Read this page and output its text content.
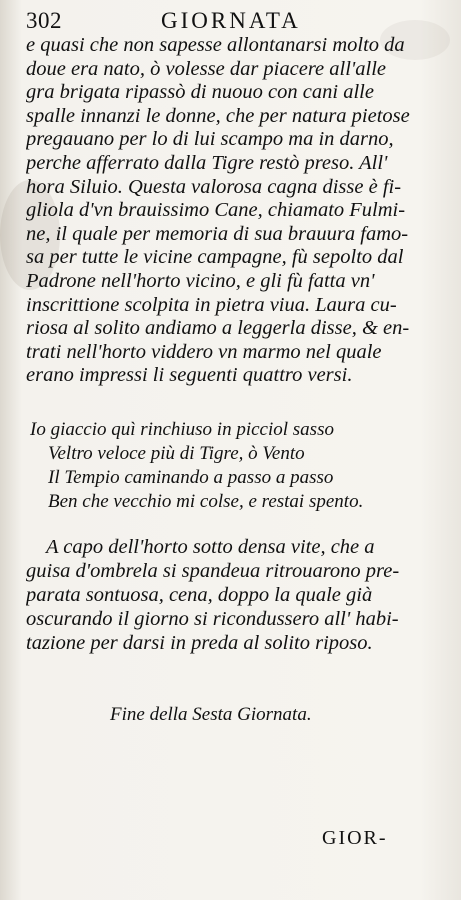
302	GIORNATA
e quasi che non sapesse allontanarsi molto da
doue era nato, ò volesse dar piacere all'alle
gra brigata ripassò di nuouo con cani alle
spalle innanzi le donne, che per natura pietose
pregauano per lo di lui scampo ma in darno,
perche afferrato dalla Tigre restò preso. All'
hora Siluio. Questa valorosa cagna disse è fi-
gliola d'vn brauissimo Cane, chiamato Fulmi-
ne, il quale per memoria di sua brauura famo-
sa per tutte le vicine campagne, fù sepolto dal
Padrone nell'horto vicino, e gli fù fatta vn'
inscrittione scolpita in pietra viua. Laura cu-
riosa al solito andiamo a leggerla disse, & en-
trati nell'horto viddero vn marmo nel quale
erano impressi li seguenti quattro versi.
Io giaccio quì rinchiuso in picciol sasso
Veltro veloce più di Tigre, ò Vento
Il Tempio caminando a passo a passo
Ben che vecchio mi colse, e restai spento.
A capo dell'horto sotto densa vite, che a
guisa d'ombrela si spandeua ritrouarono pre-
parata sontuosa, cena, doppo la quale già
oscurando il giorno si ricondussero all' habi-
tazione per darsi in preda al solito riposo.
Fine della Sesta Giornata.
GIOR-
